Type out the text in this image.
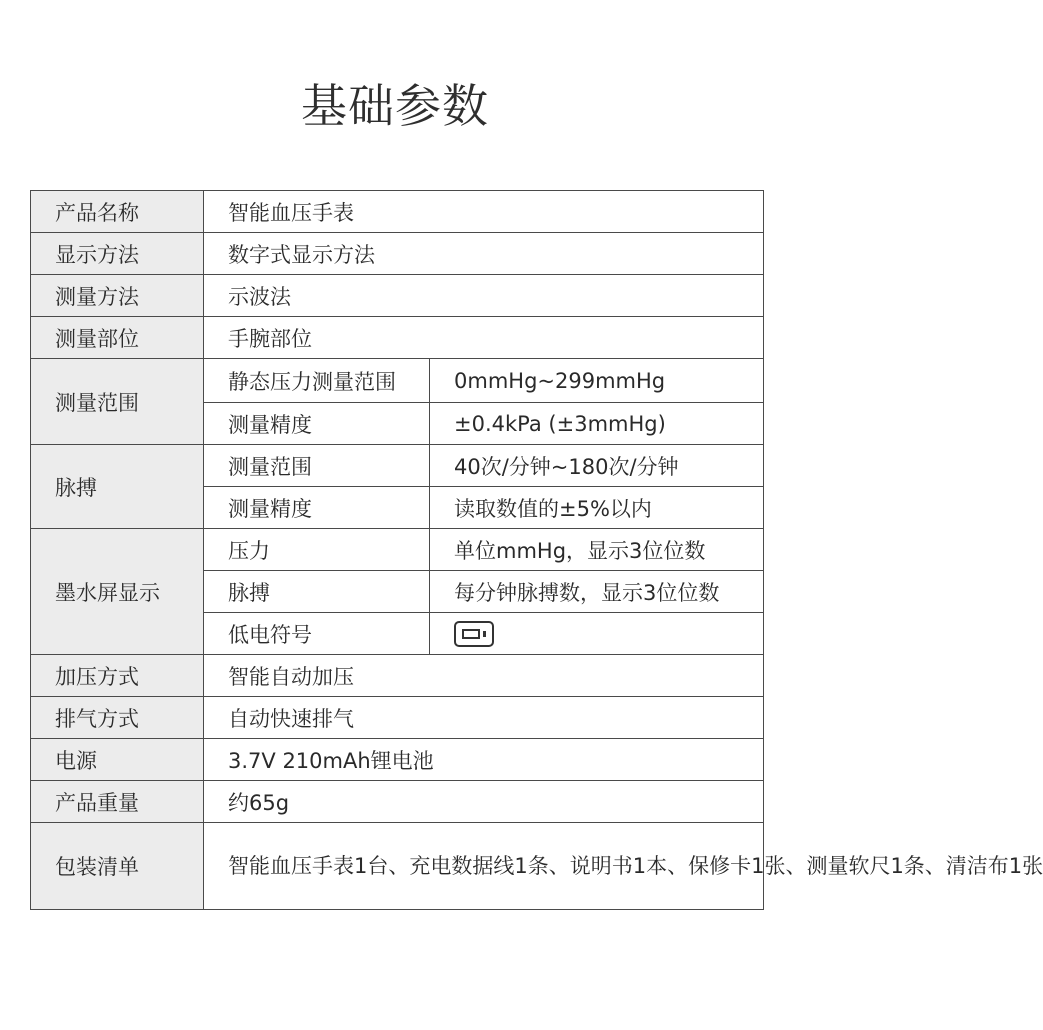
基础参数
产品名称	智能血压手表	
显示方法	数字式显示方法	
测量方法	示波法	
测量部位	手腕部位	
测量范围	静态压力测量范围	0mmHg~299mmHg
	测量精度	±0.4kPa (±3mmHg)
脉搏	测量范围	40次/分钟~180次/分钟
	测量精度	读取数值的±5%以内
墨水屏显示	压力	单位mmHg，显示3位位数
	脉搏	每分钟脉搏数，显示3位位数
	低电符号	

加压方式	智能自动加压	
排气方式	自动快速排气	
电源	3.7V 210mAh锂电池	
产品重量	约65g	
包装清单	智能血压手表1台、充电数据线1条、说明书1本、保修卡1张、测量软尺1条、清洁布1张	
